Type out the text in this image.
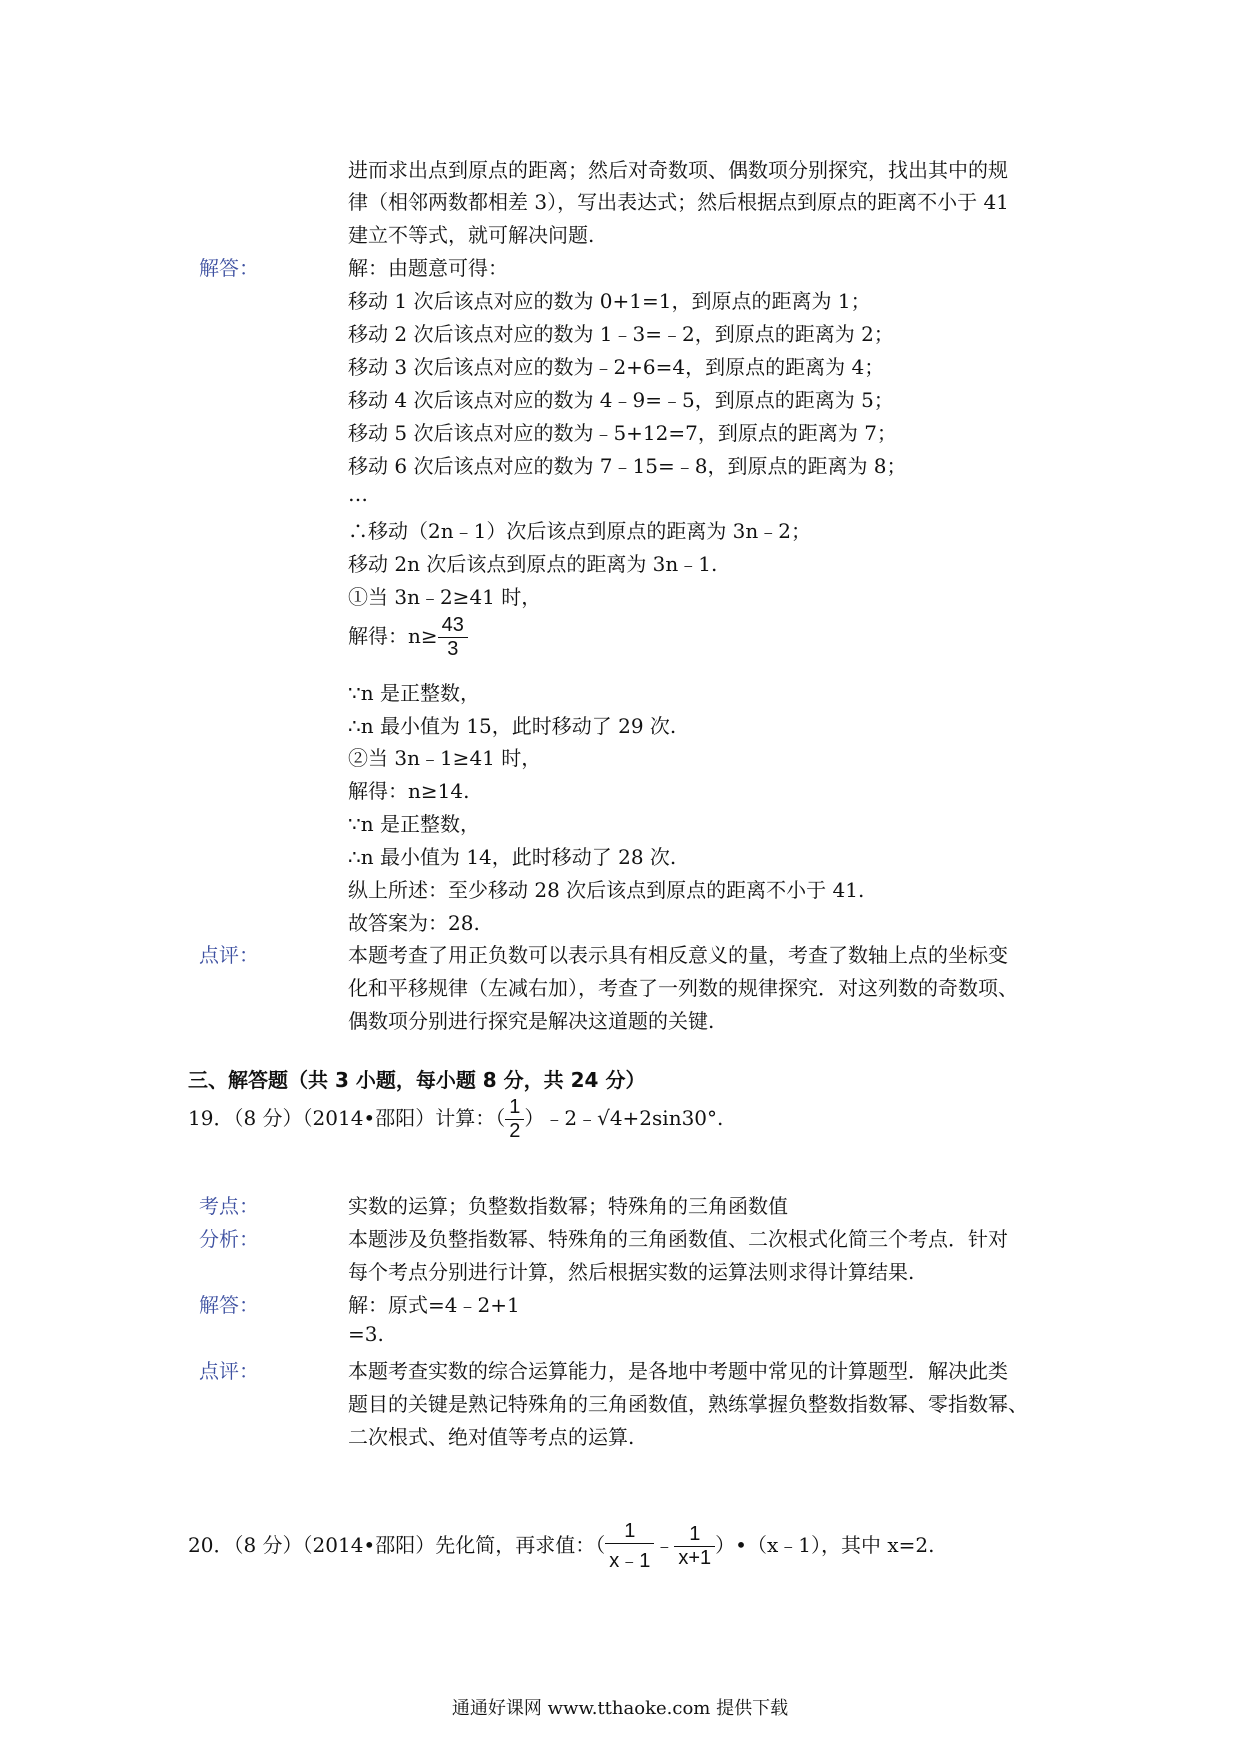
进而求出点到原点的距离；然后对奇数项、偶数项分别探究，找出其中的规
律（相邻两数都相差 3），写出表达式；然后根据点到原点的距离不小于 41
建立不等式，就可解决问题.
解答：	解：由题意可得：
移动 1 次后该点对应的数为 0+1=1，到原点的距离为 1；
移动 2 次后该点对应的数为 1﹣3=﹣2，到原点的距离为 2；
移动 3 次后该点对应的数为﹣2+6=4，到原点的距离为 4；
移动 4 次后该点对应的数为 4﹣9=﹣5，到原点的距离为 5；
移动 5 次后该点对应的数为﹣5+12=7，到原点的距离为 7；
移动 6 次后该点对应的数为 7﹣15=﹣8，到原点的距离为 8；
…
∴移动（2n﹣1）次后该点到原点的距离为 3n﹣2；
移动 2n 次后该点到原点的距离为 3n﹣1.
①当 3n﹣2≥41 时，
解得：$n\ge \frac{43}{3}$
∵n 是正整数，
∴n 最小值为 15，此时移动了 29 次.
②当 3n﹣1≥41 时，
解得：n≥14.
∵n 是正整数，
∴n 最小值为 14，此时移动了 28 次.
纵上所述：至少移动 28 次后该点到原点的距离不小于 41.
故答案为：28.
点评：	本题考查了用正负数可以表示具有相反意义的量，考查了数轴上点的坐标变
化和平移规律（左减右加），考查了一列数的规律探究．对这列数的奇数项、
偶数项分别进行探究是解决这道题的关键.
三、解答题（共 3 小题，每小题 8 分，共 24 分）
19．（8 分）（2014•邵阳）计算：（ $\frac{1}{2}$ ）﹣2﹣√4+2sin30°.
考点：	实数的运算；负整数指数幂；特殊角的三角函数值
分析：	本题涉及负整指数幂、特殊角的三角函数值、二次根式化简三个考点．针对
每个考点分别进行计算，然后根据实数的运算法则求得计算结果.
解答：	解：原式=4﹣2+1
=3.
点评：	本题考查实数的综合运算能力，是各地中考题中常见的计算题型．解决此类
题目的关键是熟记特殊角的三角函数值，熟练掌握负整数指数幂、零指数幂、
二次根式、绝对值等考点的运算.
20．（8 分）（2014•邵阳）先化简，再求值：（ $\frac{1}{x﹣1}$ ﹣ $\frac{1}{x+1}$ ）•（x﹣1），其中 x=2.
通通好课网 www.tthaoke.com 提供下载
